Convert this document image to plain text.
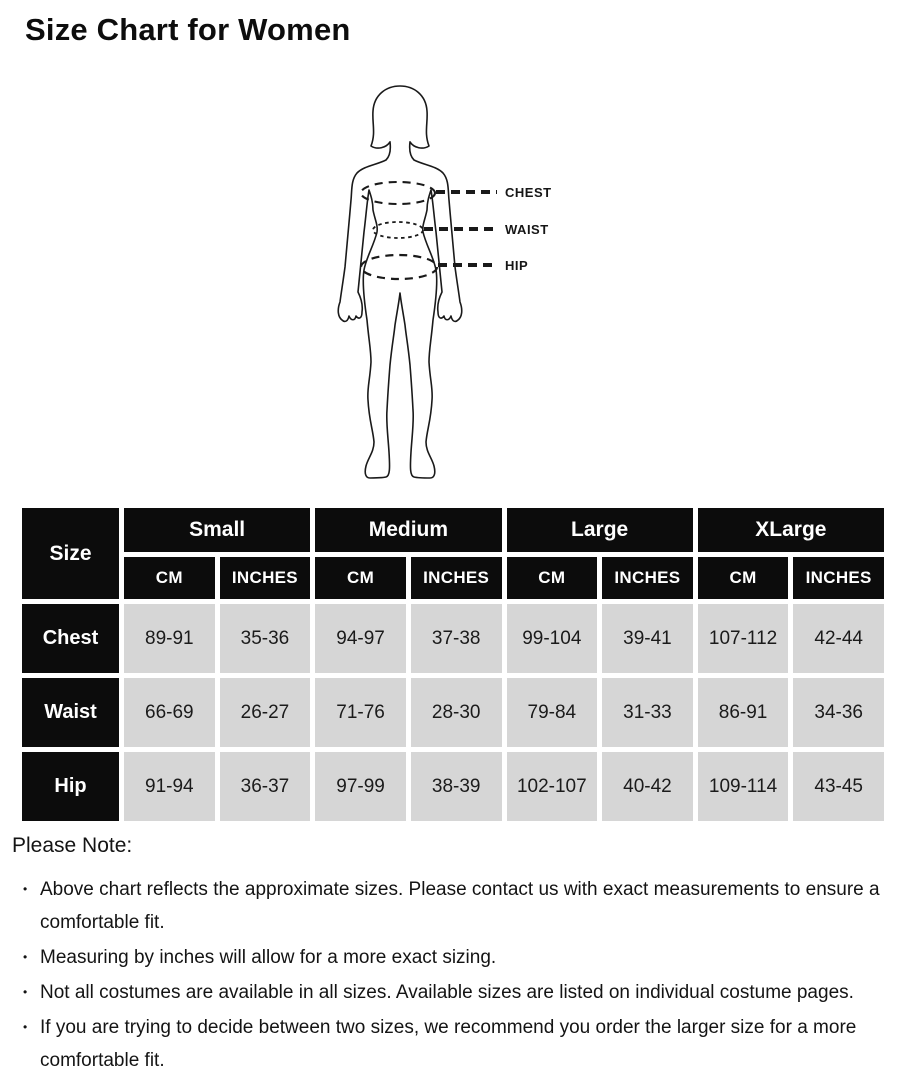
Size Chart for Women
CHEST
WAIST
HIP
Size
Small	Medium	Large	XLarge
CM	INCHES	CM	INCHES	CM	INCHES	CM	INCHES
Chest	89-91	35-36	94-97	37-38	99-104	39-41	107-112	42-44
Waist	66-69	26-27	71-76	28-30	79-84	31-33	86-91	34-36
Hip	91-94	36-37	97-99	38-39	102-107	40-42	109-114	43-45
Please Note:
• Above chart reflects the approximate sizes. Please contact us with exact measurements to ensure a comfortable fit.
• Measuring by inches will allow for a more exact sizing.
• Not all costumes are available in all sizes. Available sizes are listed on individual costume pages.
• If you are trying to decide between two sizes, we recommend you order the larger size for a more comfortable fit.
